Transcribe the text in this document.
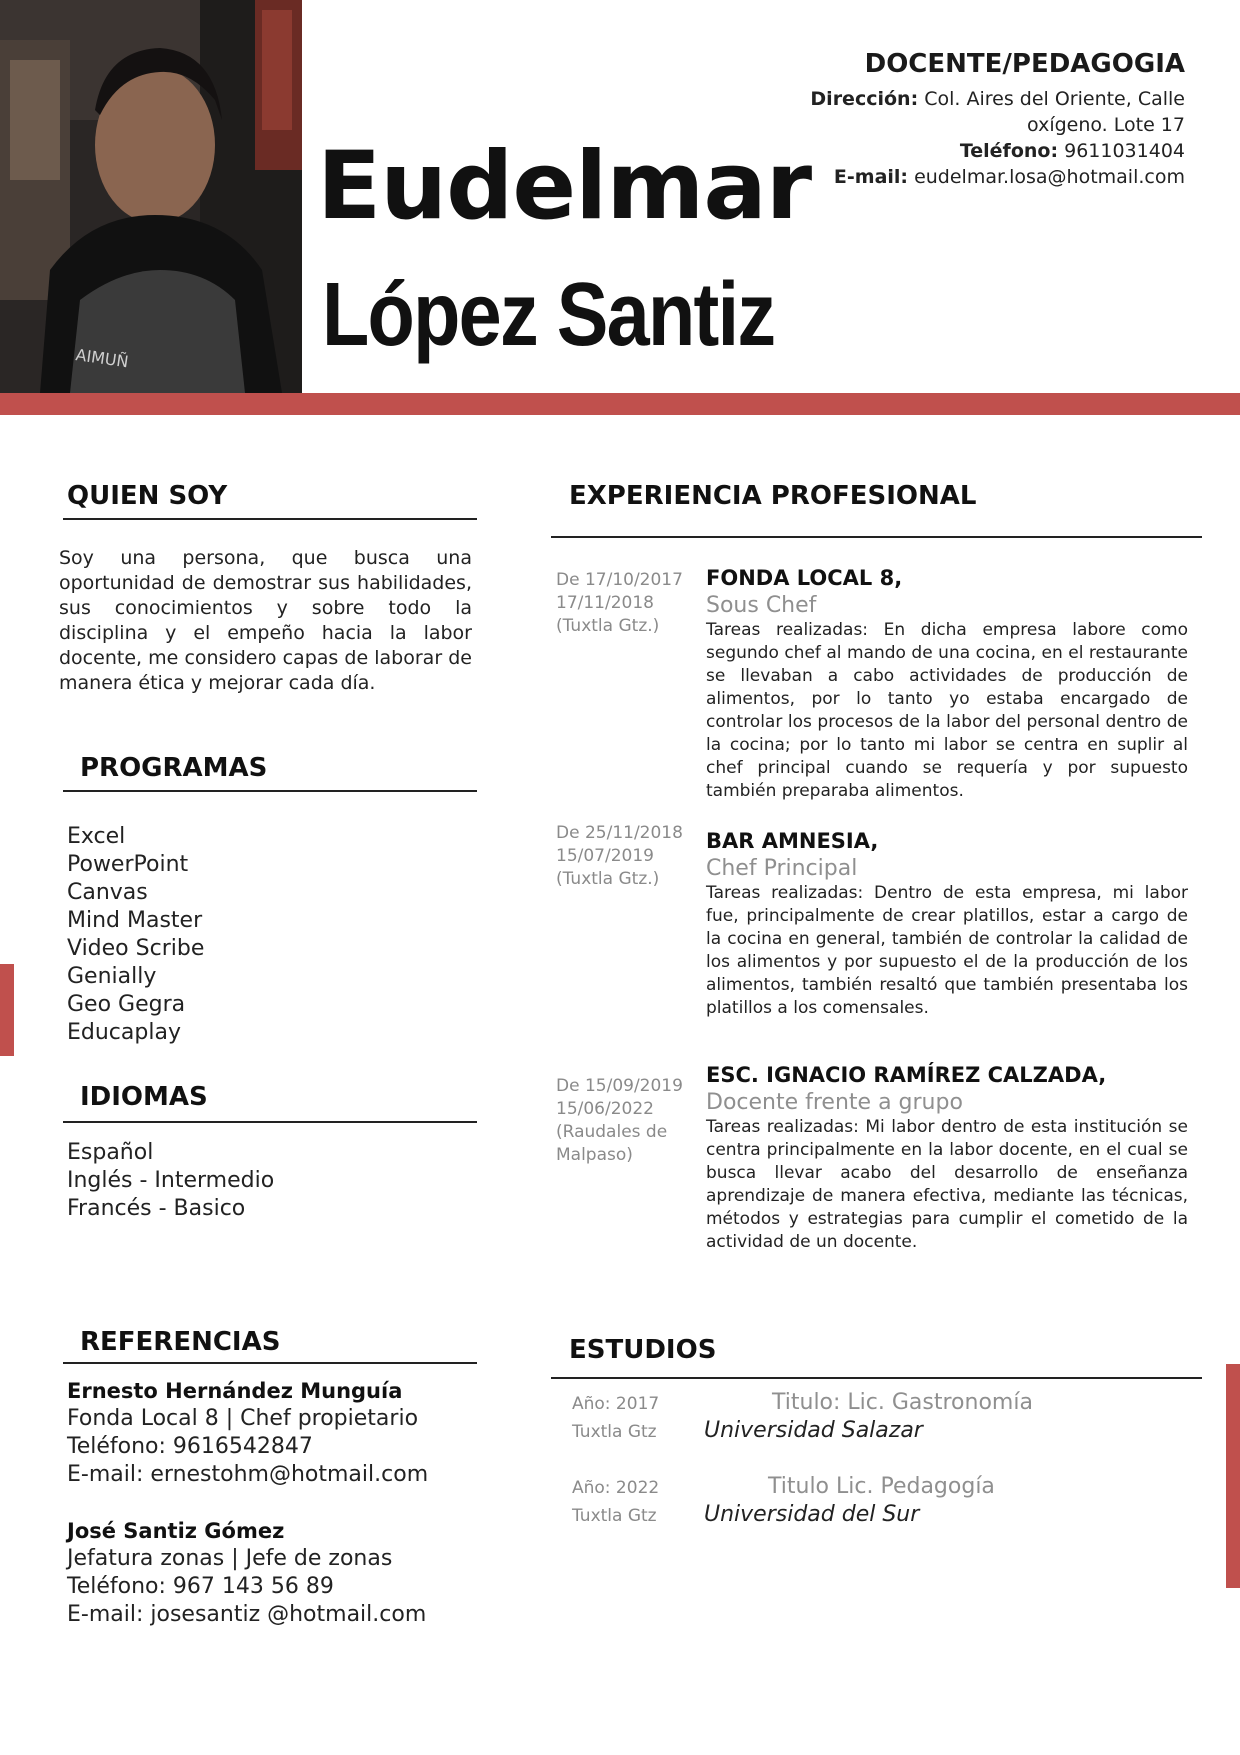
AIMUÑ
Eudelmar
López Santiz
DOCENTE/PEDAGOGIA
Dirección: Col. Aires del Oriente, Calle oxígeno. Lote 17
Teléfono: 9611031404
E-mail: eudelmar.losa@hotmail.com
QUIEN SOY
Soy una persona, que busca una oportunidad de demostrar sus habilidades, sus conocimientos y sobre todo la disciplina y el empeño hacia la labor docente, me considero capas de laborar de manera ética y mejorar cada día.
PROGRAMAS
Excel
PowerPoint
Canvas
Mind Master
Video Scribe
Genially
Geo Gegra
Educaplay
IDIOMAS
Español
Inglés - Intermedio
Francés - Basico
REFERENCIAS
Ernesto Hernández Munguía
Fonda Local 8 | Chef propietario
Teléfono: 9616542847
E-mail: ernestohm@hotmail.com
José Santiz Gómez
Jefatura zonas | Jefe de zonas
Teléfono: 967 143 56 89
E-mail: josesantiz @hotmail.com
EXPERIENCIA PROFESIONAL
De 17/10/2017
17/11/2018
(Tuxtla Gtz.)
FONDA LOCAL 8,
Sous Chef
Tareas realizadas: En dicha empresa labore como segundo chef al mando de una cocina, en el restaurante se llevaban a cabo actividades de producción de alimentos, por lo tanto yo estaba encargado de controlar los procesos de la labor del personal dentro de la cocina; por lo tanto mi labor se centra en suplir al chef principal cuando se requería y por supuesto también preparaba alimentos.
De 25/11/2018
15/07/2019
(Tuxtla Gtz.)
BAR AMNESIA,
Chef Principal
Tareas realizadas: Dentro de esta empresa, mi labor fue, principalmente de crear platillos, estar a cargo de la cocina en general, también de controlar la calidad de los alimentos y por supuesto el de la producción de los alimentos, también resaltó que también presentaba los platillos a los comensales.
De 15/09/2019
15/06/2022
(Raudales de Malpaso)
ESC. IGNACIO RAMÍREZ CALZADA,
Docente frente a grupo
Tareas realizadas: Mi labor dentro de esta institución se centra principalmente en la labor docente, en el cual se busca llevar acabo del desarrollo de enseñanza aprendizaje de manera efectiva, mediante las técnicas, métodos y estrategias para cumplir el cometido de la actividad de un docente.
ESTUDIOS
Año: 2017
Tuxtla Gtz
Titulo: Lic. Gastronomía
Universidad Salazar
Año: 2022
Tuxtla Gtz
Titulo Lic. Pedagogía
Universidad del Sur
